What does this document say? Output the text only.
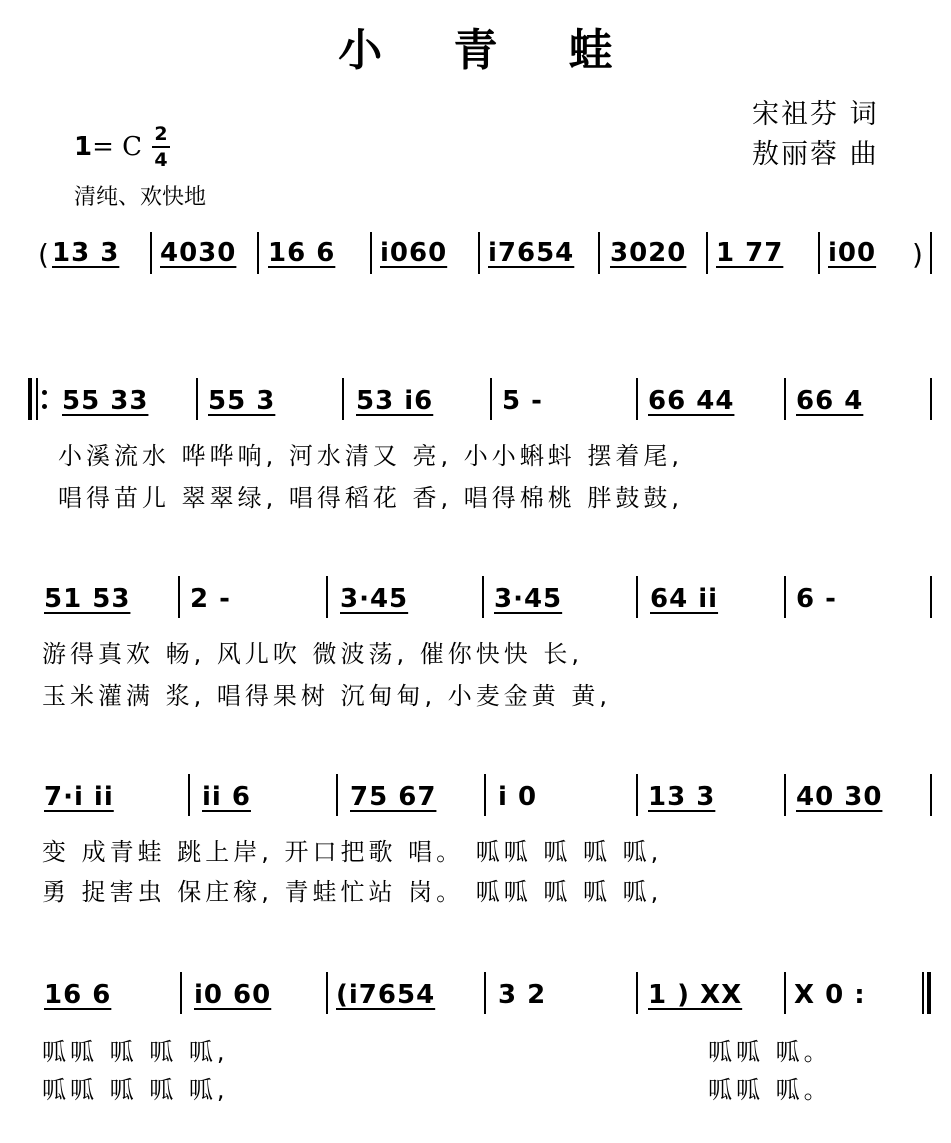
小 青 蛙
宋祖芬 词
敖丽蓉 曲
1= C 2
4
清纯、欢快地
( 13 3 4030 16 6 i060 i7654 3020 1 77 i00 )
55 33 55 3	53 i6	5 -	66 44 66 4
小溪流水 哗哗响, 河水清又 亮, 小小蝌蚪 摆着尾,
唱得苗儿 翠翠绿, 唱得稻花 香, 唱得棉桃 胖鼓鼓,
51 53 2 -	3·45	3·45	64 ii	6 -
游得真欢 畅, 风儿吹 微波荡, 催你快快 长,
玉米灌满 浆, 唱得果树 沉甸甸, 小麦金黄 黄,
7·i ii	ii 6	75 67 i 0	13 3	40 30
变 成青蛙 跳上岸, 开口把歌 唱。 呱呱 呱 呱 呱,
勇 捉害虫 保庄稼, 青蛙忙站 岗。 呱呱 呱 呱 呱,
16 6	i0 60 (i7654 3 2	1 ) XX X 0 :
呱呱 呱 呱 呱,	呱呱 呱。
呱呱 呱 呱 呱,	呱呱 呱。
